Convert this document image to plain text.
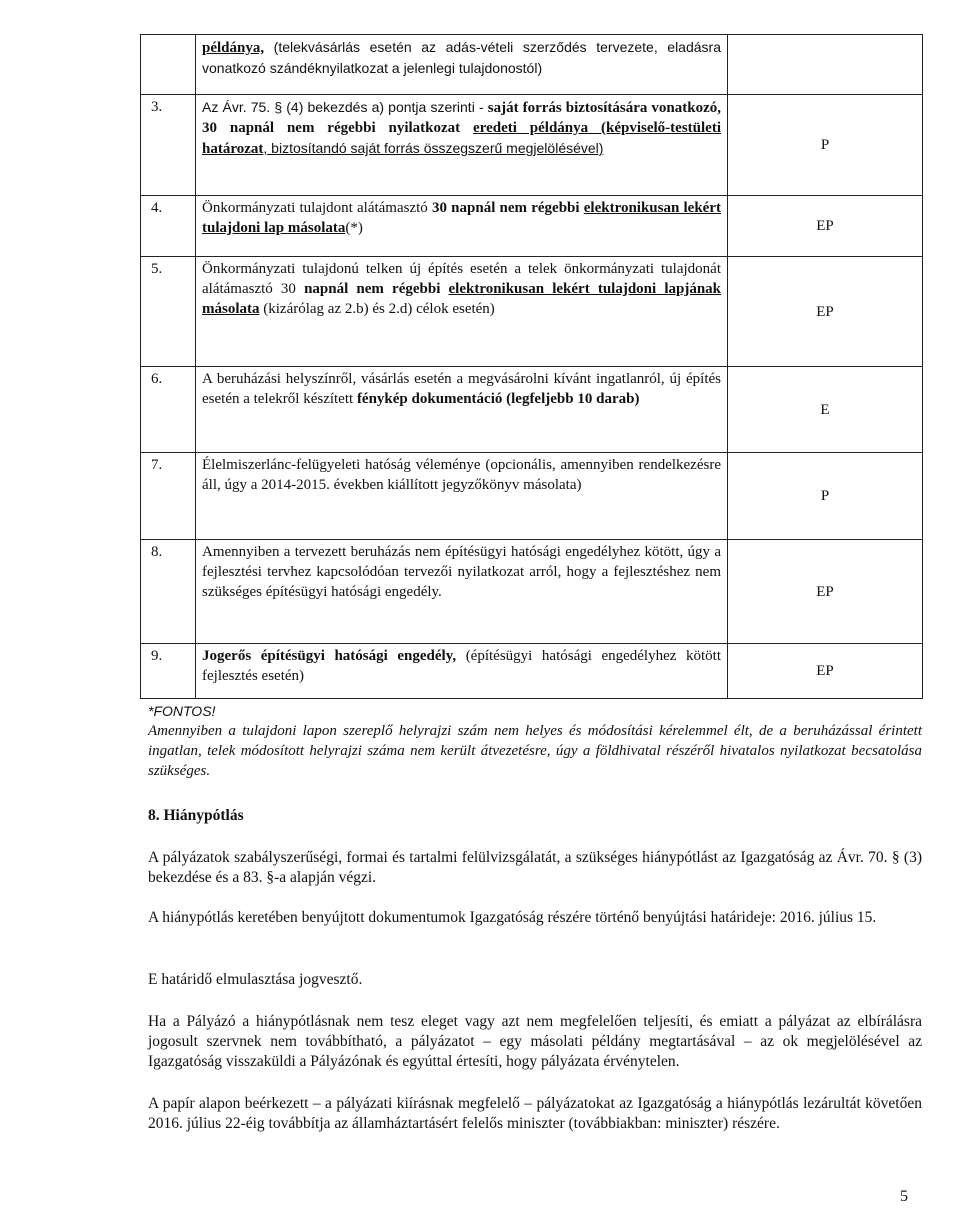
	példánya, (telekvásárlás esetén az adás-vételi szerződés tervezete, eladásra vonatkozó szándéknyilatkozat a jelenlegi tulajdonostól)	
3.	Az Ávr. 75. § (4) bekezdés a) pontja szerinti - saját forrás biztosítására vonatkozó, 30 napnál nem régebbi nyilatkozat eredeti példánya (képviselő-testületi határozat, biztosítandó saját forrás összegszerű megjelölésével)	P
4.	Önkormányzati tulajdont alátámasztó 30 napnál nem régebbi elektronikusan lekért tulajdoni lap másolata(*)	EP
5.	Önkormányzati tulajdonú telken új építés esetén a telek önkormányzati tulajdonát alátámasztó 30 napnál nem régebbi elektronikusan lekért tulajdoni lapjának másolata (kizárólag az 2.b) és 2.d) célok esetén)	EP
6.	A beruházási helyszínről, vásárlás esetén a megvásárolni kívánt ingatlanról, új építés esetén a telekről készített fénykép dokumentáció (legfeljebb 10 darab)	E
7.	Élelmiszerlánc-felügyeleti hatóság véleménye (opcionális, amennyiben rendelkezésre áll, úgy a 2014-2015. években kiállított jegyzőkönyv másolata)	P
8.	Amennyiben a tervezett beruházás nem építésügyi hatósági engedélyhez kötött, úgy a fejlesztési tervhez kapcsolódóan tervezői nyilatkozat arról, hogy a fejlesztéshez nem szükséges építésügyi hatósági engedély.	EP
9.	Jogerős építésügyi hatósági engedély, (építésügyi hatósági engedélyhez kötött fejlesztés esetén)	EP
*FONTOS!
Amennyiben a tulajdoni lapon szereplő helyrajzi szám nem helyes és módosítási kérelemmel élt, de a beruházással érintett ingatlan, telek módosított helyrajzi száma nem került átvezetésre, úgy a földhivatal részéről hivatalos nyilatkozat becsatolása szükséges.

8. Hiánypótlás

A pályázatok szabályszerűségi, formai és tartalmi felülvizsgálatát, a szükséges hiánypótlást az Igazgatóság az Ávr. 70. § (3) bekezdése és a 83. §-a alapján végzi.

A hiánypótlás keretében benyújtott dokumentumok Igazgatóság részére történő benyújtási határideje: 2016. július 15.

E határidő elmulasztása jogvesztő.

Ha a Pályázó a hiánypótlásnak nem tesz eleget vagy azt nem megfelelően teljesíti, és emiatt a pályázat az elbírálásra jogosult szervnek nem továbbítható, a pályázatot – egy másolati példány megtartásával – az ok megjelölésével az Igazgatóság visszaküldi a Pályázónak és egyúttal értesíti, hogy pályázata érvénytelen.

A papír alapon beérkezett – a pályázati kiírásnak megfelelő – pályázatokat az Igazgatóság a hiánypótlás lezárultát követően 2016. július 22-éig továbbítja az államháztartásért felelős miniszter (továbbiakban: miniszter) részére.

5
